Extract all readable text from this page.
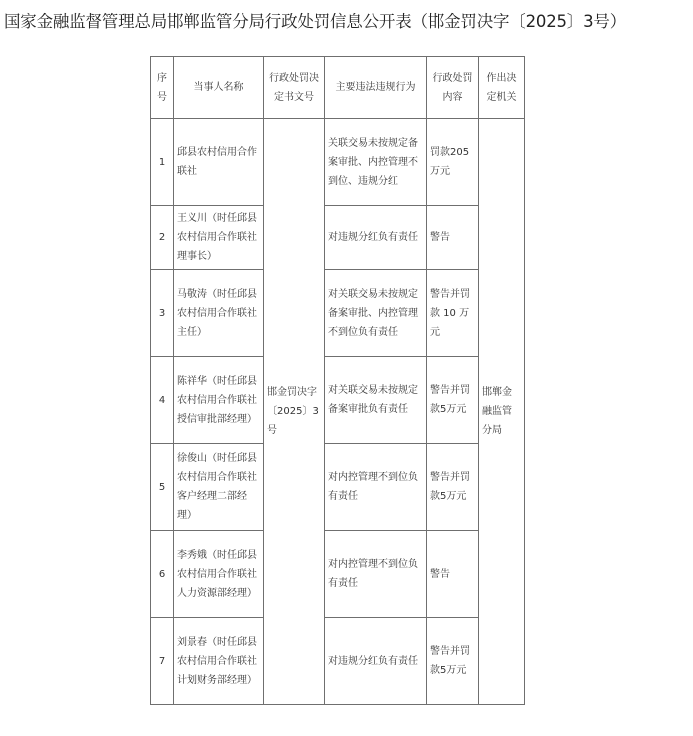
国家金融监督管理总局邯郸监管分局行政处罚信息公开表（邯金罚决字〔2025〕3号）
序号	当事人名称	行政处罚决定书文号	主要违法违规行为	行政处罚内容	作出决定机关
1	邱县农村信用合作联社	邯金罚决字〔2025〕3号	关联交易未按规定备案审批、内控管理不到位、违规分红	罚款205万元	邯郸金融监管分局
2	王义川（时任邱县农村信用合作联社理事长）		对违规分红负有责任	警告	
3	马敬涛（时任邱县农村信用合作联社主任）		对关联交易未按规定备案审批、内控管理不到位负有责任	警告并罚款 10 万元	
4	陈祥华（时任邱县农村信用合作联社授信审批部经理）		对关联交易未按规定备案审批负有责任	警告并罚款5万元	
5	徐俊山（时任邱县农村信用合作联社客户经理二部经理）		对内控管理不到位负有责任	警告并罚款5万元	
6	李秀娥（时任邱县农村信用合作联社人力资源部经理）		对内控管理不到位负有责任	警告	
7	刘景春（时任邱县农村信用合作联社计划财务部经理）		对违规分红负有责任	警告并罚款5万元	
